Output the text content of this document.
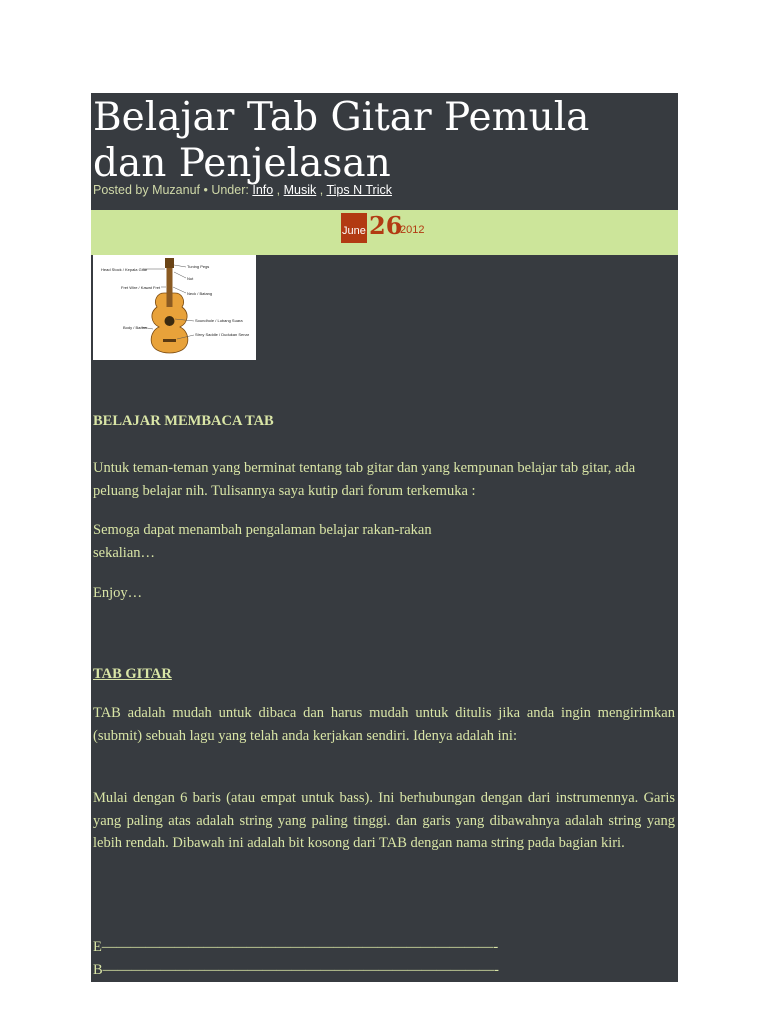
Belajar Tab Gitar Pemula dan Penjelasan
Posted by Muzanuf • Under: Info , Musik , Tips N Trick
June 26
2012
Head Stock / Kepala Gitar
Tuning Pegs
Nut
Fret Wire / Kawat Fret
Neck / Batang
Soundhole / Lubang Suara
Body / Badan
Strny Saddle / Dudukan Senar
BELAJAR MEMBACA TAB

Untuk teman-teman yang berminat tentang tab gitar dan yang kempunan belajar tab gitar, ada peluang belajar nih. Tulisannya saya kutip dari forum terkemuka :

Semoga dapat menambah pengalaman belajar rakan-rakan
sekalian…
Enjoy…
TAB GITAR

TAB adalah mudah untuk dibaca dan harus mudah untuk ditulis jika anda ingin mengirimkan (submit) sebuah lagu yang telah anda kerjakan sendiri. Idenya adalah ini:

Mulai dengan 6 baris (atau empat untuk bass). Ini berhubungan dengan dari instrumennya. Garis yang paling atas adalah string yang paling tinggi. dan garis yang dibawahnya adalah string yang lebih rendah. Dibawah ini adalah bit kosong dari TAB dengan nama string pada bagian kiri.

E———————————————————————————-
B———————————————————————————-
